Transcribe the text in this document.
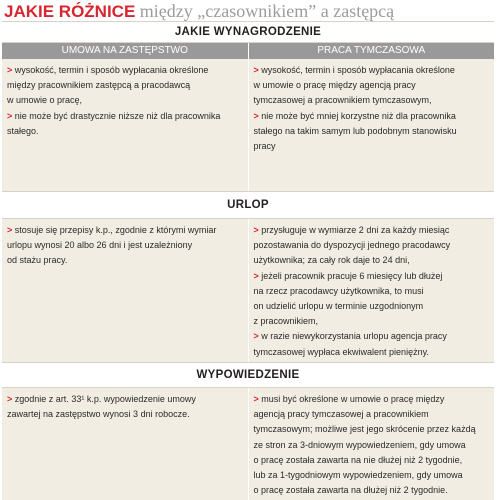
JAKIE RÓŻNICE między „czasownikiem” a zastępcą
JAKIE WYNAGRODZENIE
UMOWA NA ZASTĘPSTWO	PRACA TYMCZASOWA
> wysokość, termin i sposób wypłacania określone
między pracownikiem zastępcą a pracodawcą
w umowie o pracę,
> nie może być drastycznie niższe niż dla pracownika
stałego.
> wysokość, termin i sposób wypłacania określone
w umowie o pracę między agencją pracy
tymczasowej a pracownikiem tymczasowym,
> nie może być mniej korzystne niż dla pracownika
stałego na takim samym lub podobnym stanowisku
pracy
URLOP
> stosuje się przepisy k.p., zgodnie z którymi wymiar
urlopu wynosi 20 albo 26 dni i jest uzależniony
od stażu pracy.
> przysługuje w wymiarze 2 dni za każdy miesiąc
pozostawania do dyspozycji jednego pracodawcy
użytkownika; za cały rok daje to 24 dni,
> jeżeli pracownik pracuje 6 miesięcy lub dłużej
na rzecz pracodawcy użytkownika, to musi
on udzielić urlopu w terminie uzgodnionym
z pracownikiem,
> w razie niewykorzystania urlopu agencja pracy
tymczasowej wypłaca ekwiwalent pieniężny.
WYPOWIEDZENIE
> zgodnie z art. 33¹ k.p. wypowiedzenie umowy
zawartej na zastępstwo wynosi 3 dni robocze.
> musi być określone w umowie o pracę między
agencją pracy tymczasowej a pracownikiem
tymczasowym; możliwe jest jego skrócenie przez każdą
ze stron za 3-dniowym wypowiedzeniem, gdy umowa
o pracę została zawarta na nie dłużej niż 2 tygodnie,
lub za 1-tygodniowym wypowiedzeniem, gdy umowa
o pracę została zawarta na dłużej niż 2 tygodnie.
